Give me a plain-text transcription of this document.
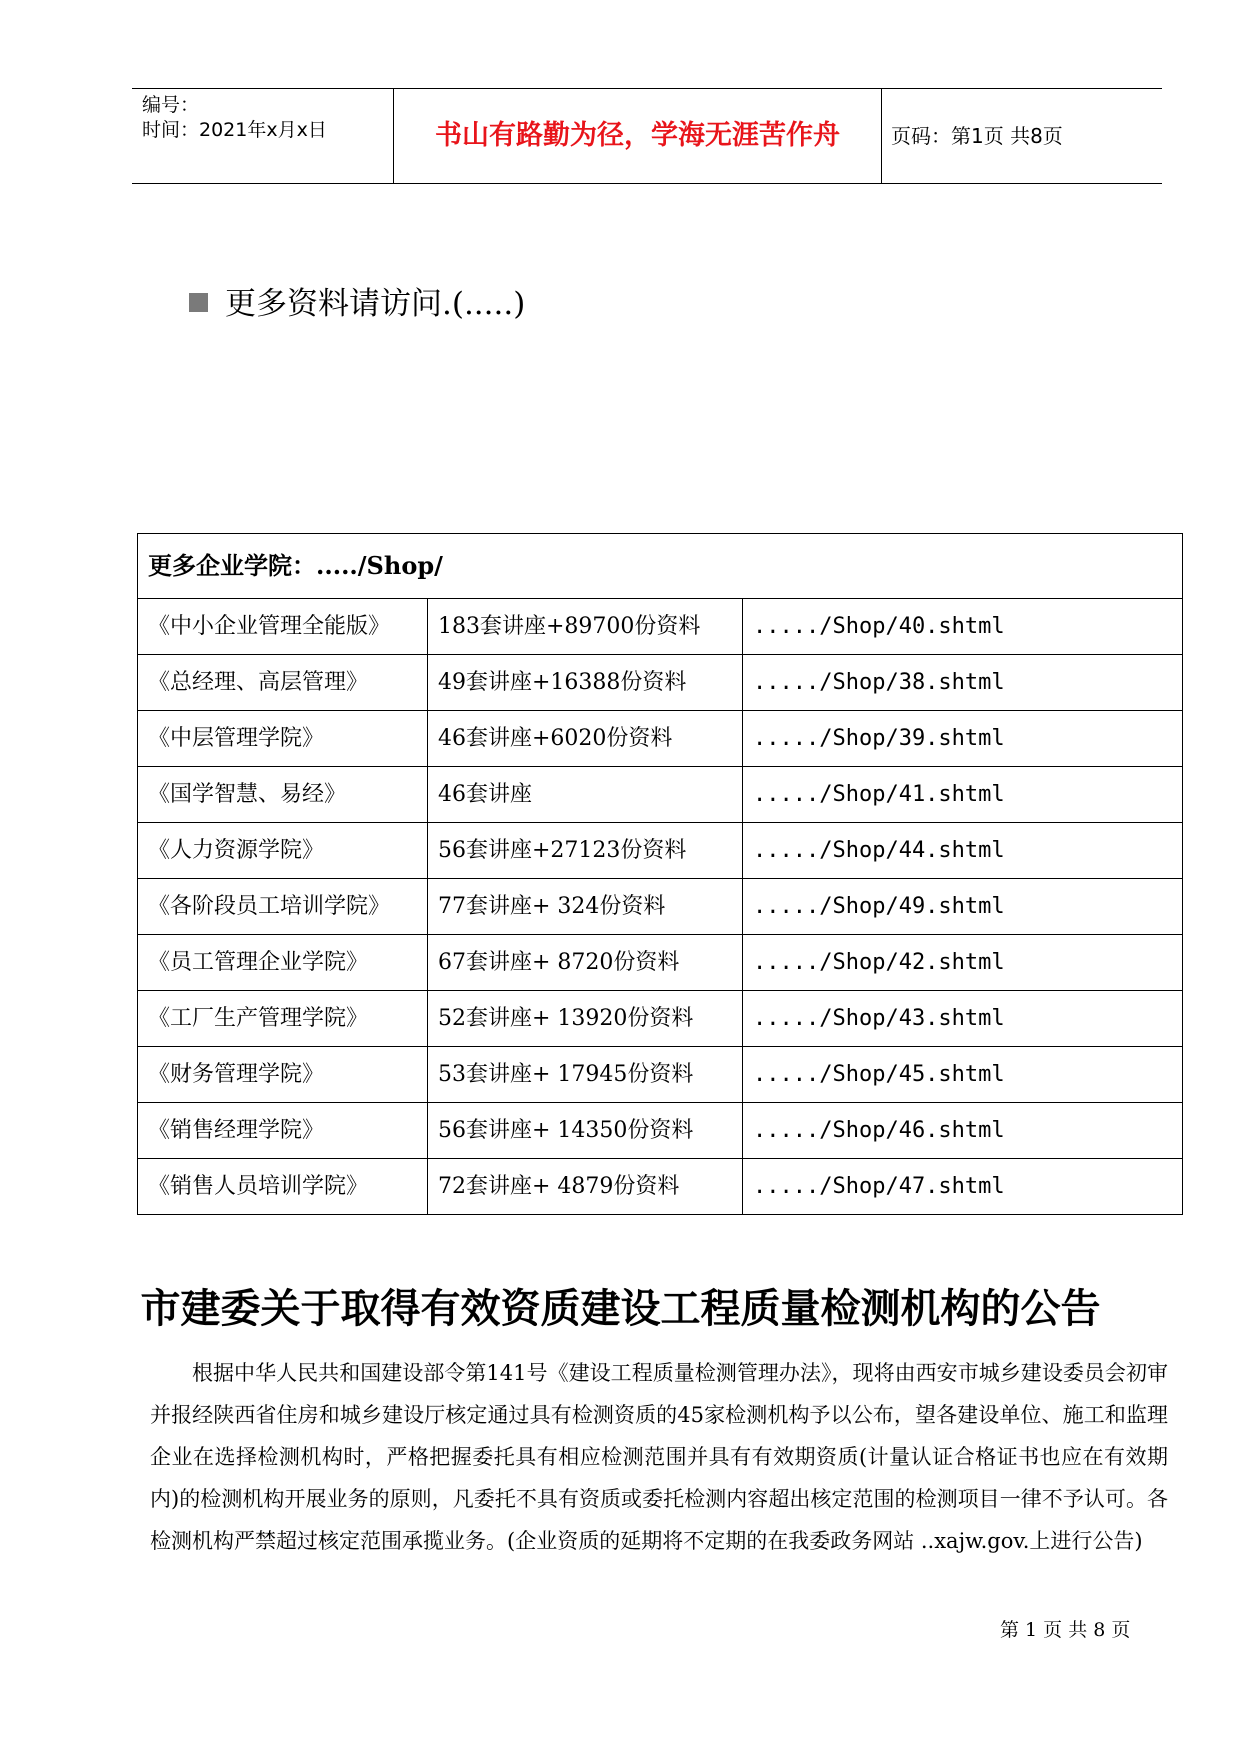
编号：
时间：2021年x月x日	书山有路勤为径，学海无涯苦作舟	页码：第1页 共8页
更多资料请访问.(.....)
更多企业学院：...../Shop/		
《中小企业管理全能版》	183套讲座+89700份资料	...../Shop/40.shtml
《总经理、高层管理》	49套讲座+16388份资料	...../Shop/38.shtml
《中层管理学院》	46套讲座+6020份资料	...../Shop/39.shtml
《国学智慧、易经》	46套讲座	...../Shop/41.shtml
《人力资源学院》	56套讲座+27123份资料	...../Shop/44.shtml
《各阶段员工培训学院》	77套讲座+ 324份资料	...../Shop/49.shtml
《员工管理企业学院》	67套讲座+ 8720份资料	...../Shop/42.shtml
《工厂生产管理学院》	52套讲座+ 13920份资料	...../Shop/43.shtml
《财务管理学院》	53套讲座+ 17945份资料	...../Shop/45.shtml
《销售经理学院》	56套讲座+ 14350份资料	...../Shop/46.shtml
《销售人员培训学院》	72套讲座+ 4879份资料	...../Shop/47.shtml
市建委关于取得有效资质建设工程质量检测机构的公告
根据中华人民共和国建设部令第141号《建设工程质量检测管理办法》，现将由西安市城乡建设委员会初审并报经陕西省住房和城乡建设厅核定通过具有检测资质的45家检测机构予以公布，望各建设单位、施工和监理企业在选择检测机构时，严格把握委托具有相应检测范围并具有有效期资质(计量认证合格证书也应在有效期内)的检测机构开展业务的原则，凡委托不具有资质或委托检测内容超出核定范围的检测项目一律不予认可。各检测机构严禁超过核定范围承揽业务。(企业资质的延期将不定期的在我委政务网站 ..xajw.gov.上进行公告)
第 1 页 共 8 页
